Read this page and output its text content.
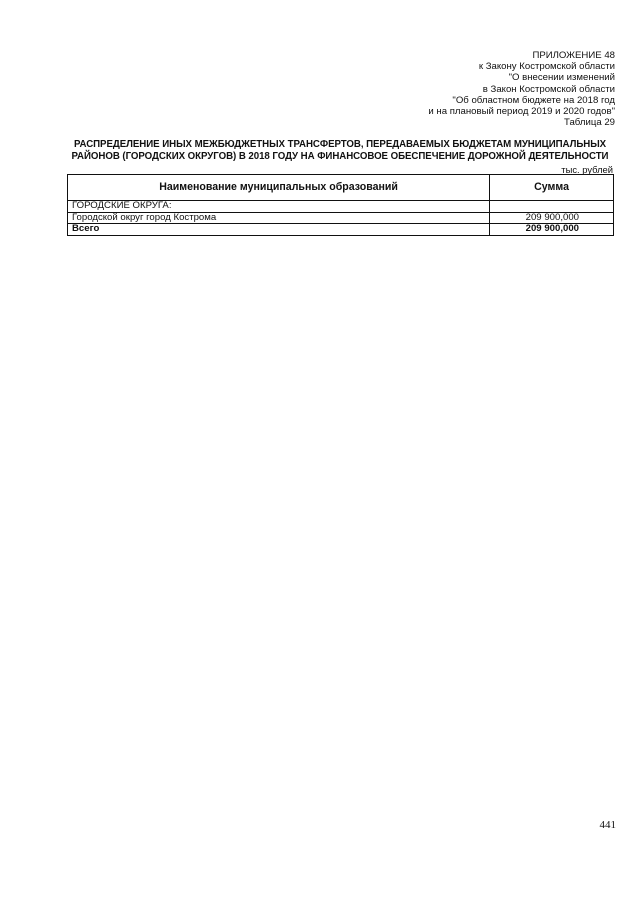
ПРИЛОЖЕНИЕ 48
к Закону Костромской области
"О внесении изменений
в Закон Костромской области
"Об областном бюджете на 2018 год
и на плановый период 2019 и 2020 годов"
Таблица 29
РАСПРЕДЕЛЕНИЕ ИНЫХ МЕЖБЮДЖЕТНЫХ ТРАНСФЕРТОВ, ПЕРЕДАВАЕМЫХ БЮДЖЕТАМ МУНИЦИПАЛЬНЫХ
РАЙОНОВ (ГОРОДСКИХ ОКРУГОВ) В 2018 ГОДУ НА ФИНАНСОВОЕ ОБЕСПЕЧЕНИЕ ДОРОЖНОЙ ДЕЯТЕЛЬНОСТИ
тыс. рублей
Наименование муниципальных образований	Сумма
ГОРОДСКИЕ ОКРУГА:	
Городской округ город Кострома	209 900,000
Всего	209 900,000
441
